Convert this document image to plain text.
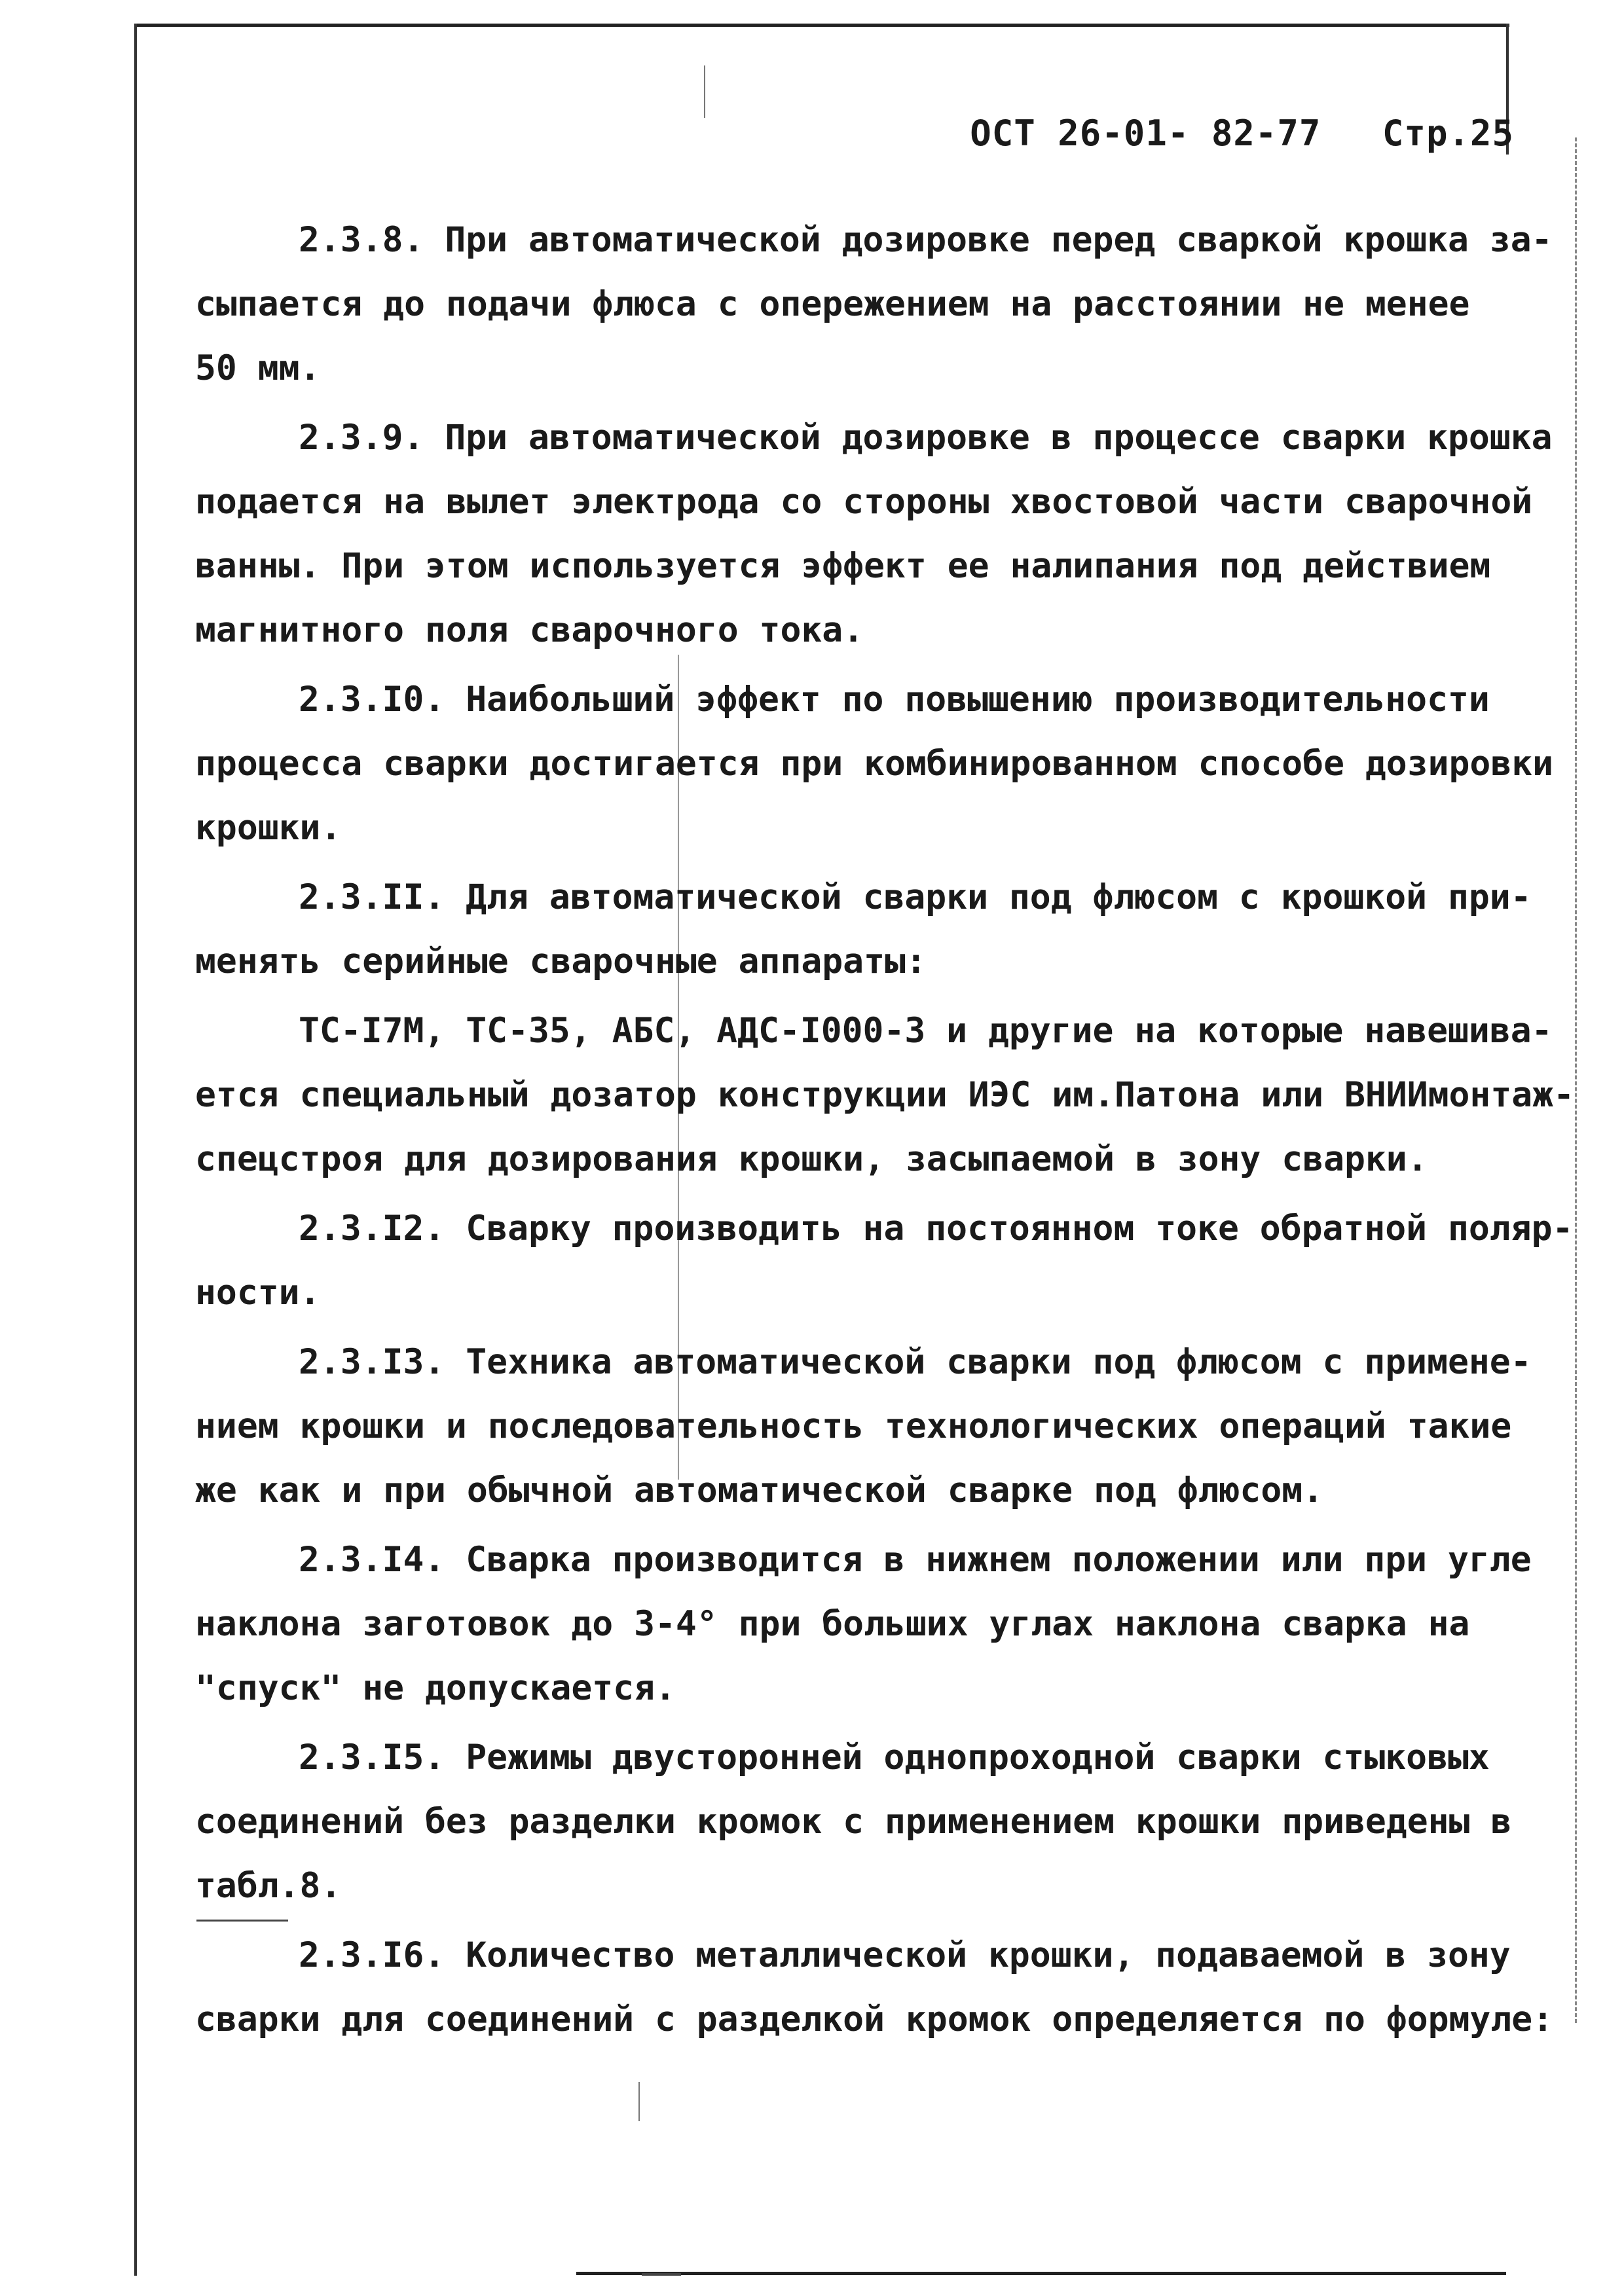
ОСТ 26-01- 82-77 Стр.25
2.3.8. При автоматической дозировке перед сваркой крошка за-
сыпается до подачи флюса с опережением на расстоянии не менее
50 мм.
2.3.9. При автоматической дозировке в процессе сварки крошка
подается на вылет электрода со стороны хвостовой части сварочной
ванны. При этом используется эффект ее налипания под действием
магнитного поля сварочного тока.
2.3.I0. Наибольший эффект по повышению производительности
процесса сварки достигается при комбинированном способе дозировки
крошки.
2.3.II. Для автоматической сварки под флюсом с крошкой при-
менять серийные сварочные аппараты:
ТС-I7М, ТС-35, АБС, АДС-I000-3 и другие на которые навешива-
ется специальный дозатор конструкции ИЭС им.Патона или ВНИИмонтаж-
спецстроя для дозирования крошки, засыпаемой в зону сварки.
2.3.I2. Сварку производить на постоянном токе обратной поляр-
ности.
2.3.I3. Техника автоматической сварки под флюсом с примене-
нием крошки и последовательность технологических операций такие
же как и при обычной автоматической сварке под флюсом.
2.3.I4. Сварка производится в нижнем положении или при угле
наклона заготовок до 3-4° при больших углах наклона сварка на
"спуск" не допускается.
2.3.I5. Режимы двусторонней однопроходной сварки стыковых
соединений без разделки кромок с применением крошки приведены в
табл.8.
2.3.I6. Количество металлической крошки, подаваемой в зону
сварки для соединений с разделкой кромок определяется по формуле:
